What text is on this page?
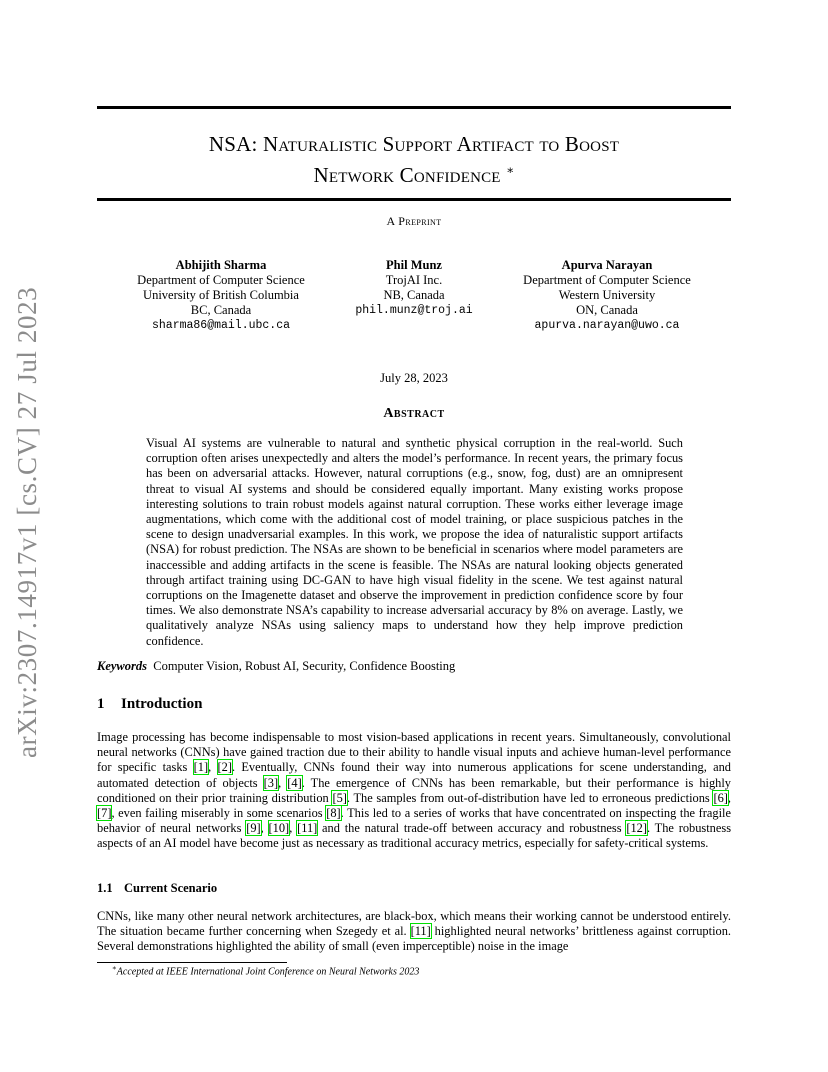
arXiv:2307.14917v1 [cs.CV] 27 Jul 2023
NSA: Naturalistic Support Artifact to Boost
Network Confidence ∗
A Preprint
Abhijith Sharma
Department of Computer Science
University of British Columbia
BC, Canada
sharma86@mail.ubc.ca
Phil Munz
TrojAI Inc.
NB, Canada
phil.munz@troj.ai
Apurva Narayan
Department of Computer Science
Western University
ON, Canada
apurva.narayan@uwo.ca
July 28, 2023
Abstract
Visual AI systems are vulnerable to natural and synthetic physical corruption in the real-world. Such corruption often arises unexpectedly and alters the model’s performance. In recent years, the primary focus has been on adversarial attacks. However, natural corruptions (e.g., snow, fog, dust) are an omnipresent threat to visual AI systems and should be considered equally important. Many existing works propose interesting solutions to train robust models against natural corruption. These works either leverage image augmentations, which come with the additional cost of model training, or place suspicious patches in the scene to design unadversarial examples. In this work, we propose the idea of naturalistic support artifacts (NSA) for robust prediction. The NSAs are shown to be beneficial in scenarios where model parameters are inaccessible and adding artifacts in the scene is feasible. The NSAs are natural looking objects generated through artifact training using DC-GAN to have high visual fidelity in the scene. We test against natural corruptions on the Imagenette dataset and observe the improvement in prediction confidence score by four times. We also demonstrate NSA’s capability to increase adversarial accuracy by 8% on average. Lastly, we qualitatively analyze NSAs using saliency maps to understand how they help improve prediction confidence.
Keywords Computer Vision, Robust AI, Security, Confidence Boosting
1 Introduction
Image processing has become indispensable to most vision-based applications in recent years. Simultaneously, convolutional neural networks (CNNs) have gained traction due to their ability to handle visual inputs and achieve human-level performance for specific tasks [1], [2]. Eventually, CNNs found their way into numerous applications for scene understanding, and automated detection of objects [3], [4]. The emergence of CNNs has been remarkable, but their performance is highly conditioned on their prior training distribution [5]. The samples from out-of-distribution have led to erroneous predictions [6], [7], even failing miserably in some scenarios [8]. This led to a series of works that have concentrated on inspecting the fragile behavior of neural networks [9], [10], [11] and the natural trade-off between accuracy and robustness [12]. The robustness aspects of an AI model have become just as necessary as traditional accuracy metrics, especially for safety-critical systems.
1.1 Current Scenario
CNNs, like many other neural network architectures, are black-box, which means their working cannot be understood entirely. The situation became further concerning when Szegedy et al. [11] highlighted neural networks’ brittleness against corruption. Several demonstrations highlighted the ability of small (even imperceptible) noise in the image
∗Accepted at IEEE International Joint Conference on Neural Networks 2023
